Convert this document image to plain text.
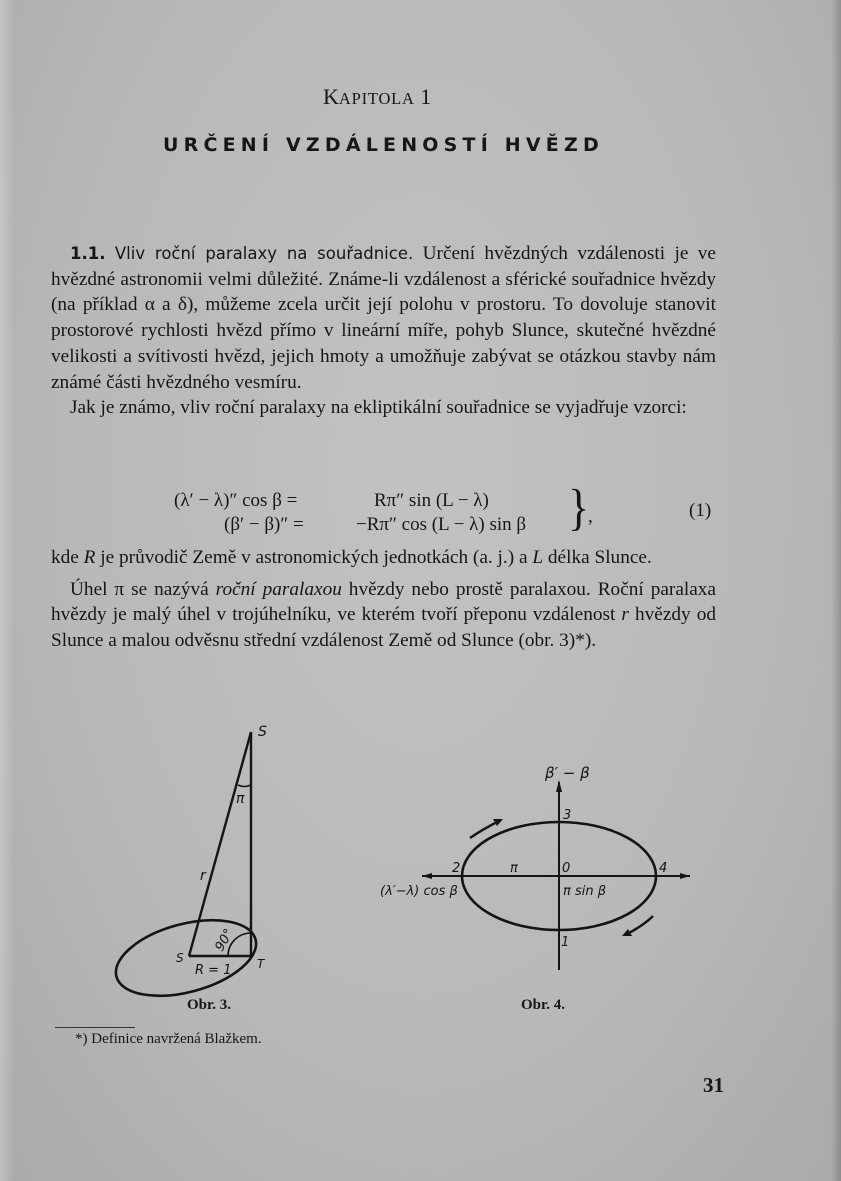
KAPITOLA 1
URČENÍ VZDÁLENOSTÍ HVĚZD

1.1. Vliv roční paralaxy na souřadnice. Určení hvězdných vzdálenosti je ve hvězdné astronomii velmi důležité. Známe-li vzdálenost a sférické souřadnice hvězdy (na příklad α a δ), můžeme zcela určit její polohu v prostoru. To dovoluje stanovit prostorové rychlosti hvězd přímo v lineární míře, pohyb Slunce, skutečné hvězdné velikosti a svítivosti hvězd, jejich hmoty a umožňuje zabývat se otázkou stavby nám známé části hvězdného vesmíru.

Jak je známo, vliv roční paralaxy na ekliptikální souřadnice se vyjadřuje vzorci:

(λ′ − λ)″ cos β =	Rπ″ sin (L − λ)
(β′ − β)″ =	−Rπ″ cos (L − λ) sin β }
,	(1)

kde R je průvodič Země v astronomických jednotkách (a. j.) a L délka Slunce.

Úhel π se nazývá roční paralaxou hvězdy nebo prostě paralaxou. Roční paralaxa hvězdy je malý úhel v trojúhelníku, ve kterém tvoří přeponu vzdálenost r hvězdy od Slunce a malou odvěsnu střední vzdálenost Země od Slunce (obr. 3)*).

S
π
r
S	T
R = 1
90°
Obr. 3.
β′ − β
3
2	π	0	4
(λ′−λ) cos β	π sin β
1
Obr. 4.
*) Definice navržená Blažkem.
31
